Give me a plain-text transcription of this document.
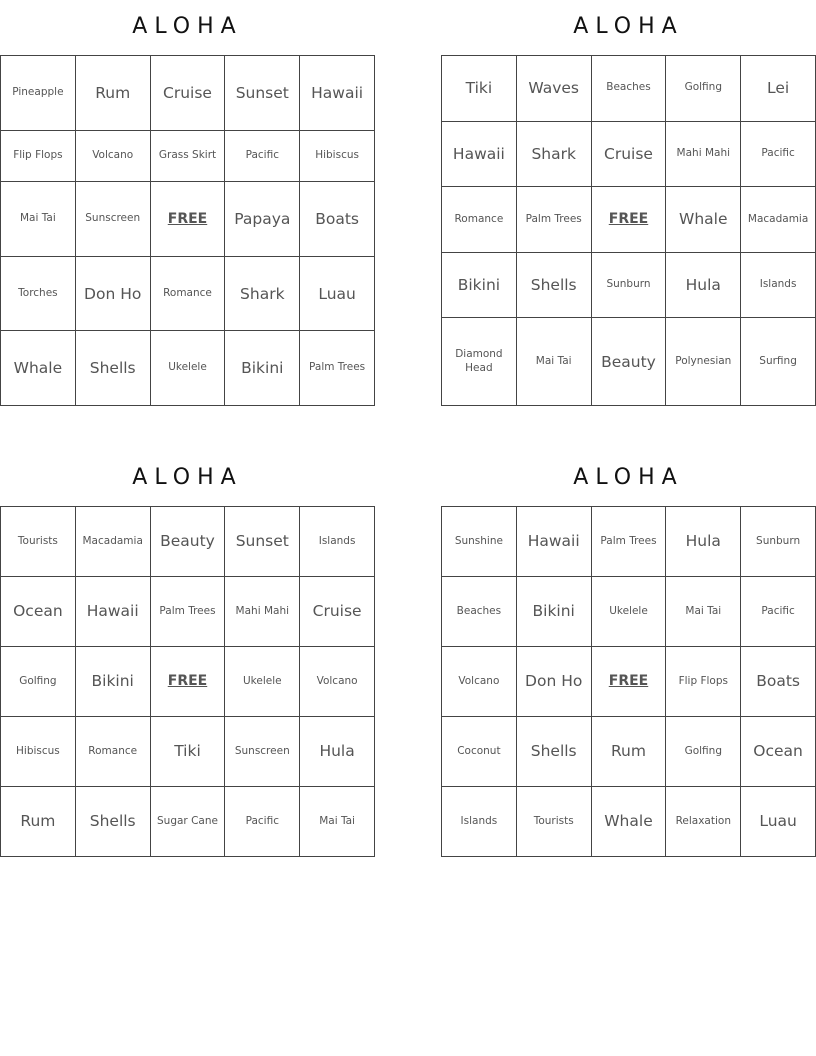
ALOHA
Pineapple	Rum	Cruise	Sunset	Hawaii
Flip Flops	Volcano	Grass Skirt	Pacific	Hibiscus
Mai Tai	Sunscreen	FREE	Papaya	Boats
Torches	Don Ho	Romance	Shark	Luau
Whale	Shells	Ukelele	Bikini	Palm Trees
ALOHA
Tiki	Waves	Beaches	Golfing	Lei
Hawaii	Shark	Cruise	Mahi Mahi	Pacific
Romance	Palm Trees	FREE	Whale	Macadamia
Bikini	Shells	Sunburn	Hula	Islands
Diamond Head	Mai Tai	Beauty	Polynesian	Surfing
ALOHA
Tourists	Macadamia	Beauty	Sunset	Islands
Ocean	Hawaii	Palm Trees	Mahi Mahi	Cruise
Golfing	Bikini	FREE	Ukelele	Volcano
Hibiscus	Romance	Tiki	Sunscreen	Hula
Rum	Shells	Sugar Cane	Pacific	Mai Tai
ALOHA
Sunshine	Hawaii	Palm Trees	Hula	Sunburn
Beaches	Bikini	Ukelele	Mai Tai	Pacific
Volcano	Don Ho	FREE	Flip Flops	Boats
Coconut	Shells	Rum	Golfing	Ocean
Islands	Tourists	Whale	Relaxation	Luau
